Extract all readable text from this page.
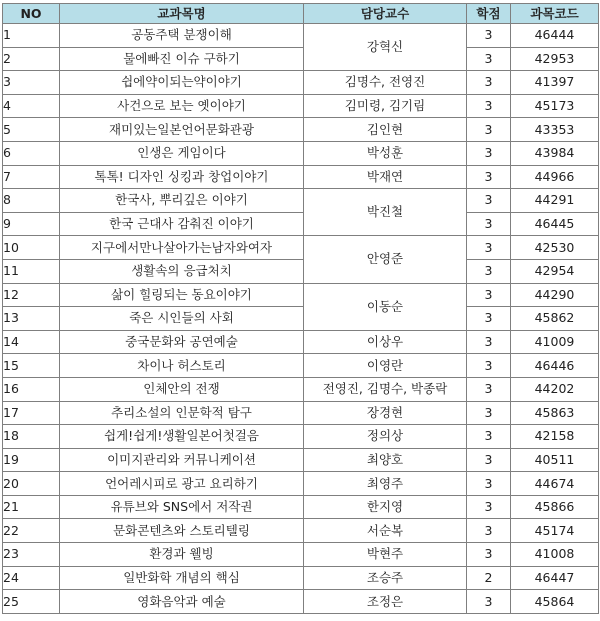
NO	교과목명	담당교수	학점	과목코드
1	공동주택 분쟁이해	강혁신	3	46444
2	물에빠진 이슈 구하기		3	42953
3	쉽에약이되는약이야기	김명수, 전영진	3	41397
4	사건으로 보는 옛이야기	김미령, 김기림	3	45173
5	재미있는일본언어문화관광	김인현	3	43353
6	인생은 게임이다	박성훈	3	43984
7	톡톡! 디자인 싱킹과 창업이야기	박재연	3	44966
8	한국사, 뿌리깊은 이야기	박진철	3	44291
9	한국 근대사 감춰진 이야기		3	46445
10	지구에서만나살아가는남자와여자	안영준	3	42530
11	생활속의 응급처치		3	42954
12	삶이 힐링되는 동요이야기	이동순	3	44290
13	죽은 시인들의 사회		3	45862
14	중국문화와 공연예술	이상우	3	41009
15	차이나 허스토리	이영란	3	46446
16	인체안의 전쟁	전영진, 김명수, 박종락	3	44202
17	추리소설의 인문학적 탐구	장경현	3	45863
18	쉽게!쉽게!생활일본어첫걸음	정의상	3	42158
19	이미지관리와 커뮤니케이션	최양호	3	40511
20	언어레시피로 광고 요리하기	최영주	3	44674
21	유튜브와 SNS에서 저작권	한지영	3	45866
22	문화콘텐츠와 스토리텔링	서순복	3	45174
23	환경과 웰빙	박현주	3	41008
24	일반화학 개념의 핵심	조승주	2	46447
25	영화음악과 예술	조정은	3	45864
